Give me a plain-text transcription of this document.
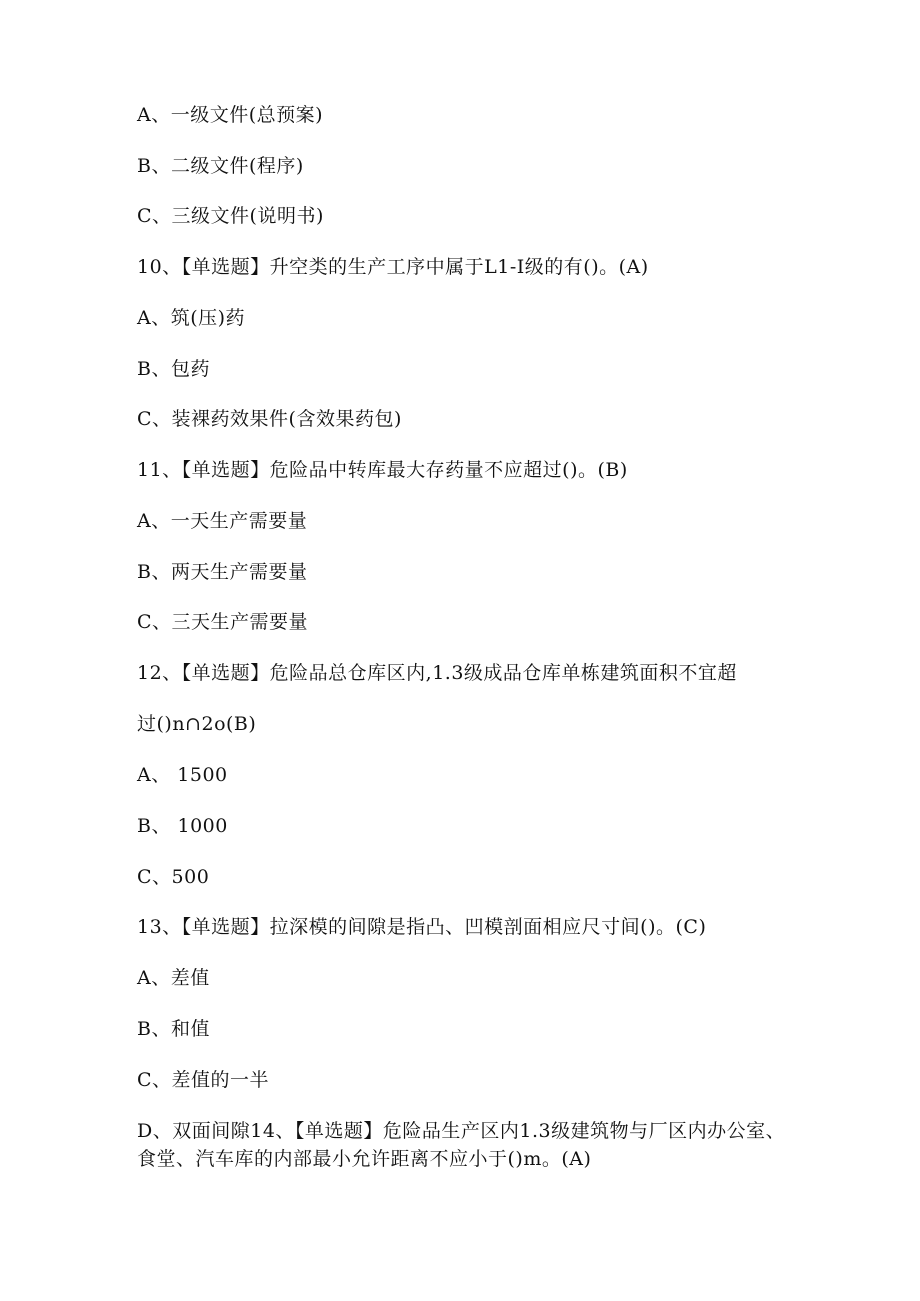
A、一级文件(总预案)
B、二级文件(程序)
C、三级文件(说明书)
10、【单选题】升空类的生产工序中属于L1-I级的有()。(A)
A、筑(压)药
B、包药
C、装裸药效果件(含效果药包)
11、【单选题】危险品中转库最大存药量不应超过()。(B)
A、一天生产需要量
B、两天生产需要量
C、三天生产需要量
12、【单选题】危险品总仓库区内,1.3级成品仓库单栋建筑面积不宜超
过()n∩2o(B)
A、 1500
B、 1000
C、500
13、【单选题】拉深模的间隙是指凸、凹模剖面相应尺寸间()。(C)
A、差值
B、和值
C、差值的一半
D、双面间隙14、【单选题】危险品生产区内1.3级建筑物与厂区内办公室、
食堂、汽车库的内部最小允许距离不应小于()m。(A)
